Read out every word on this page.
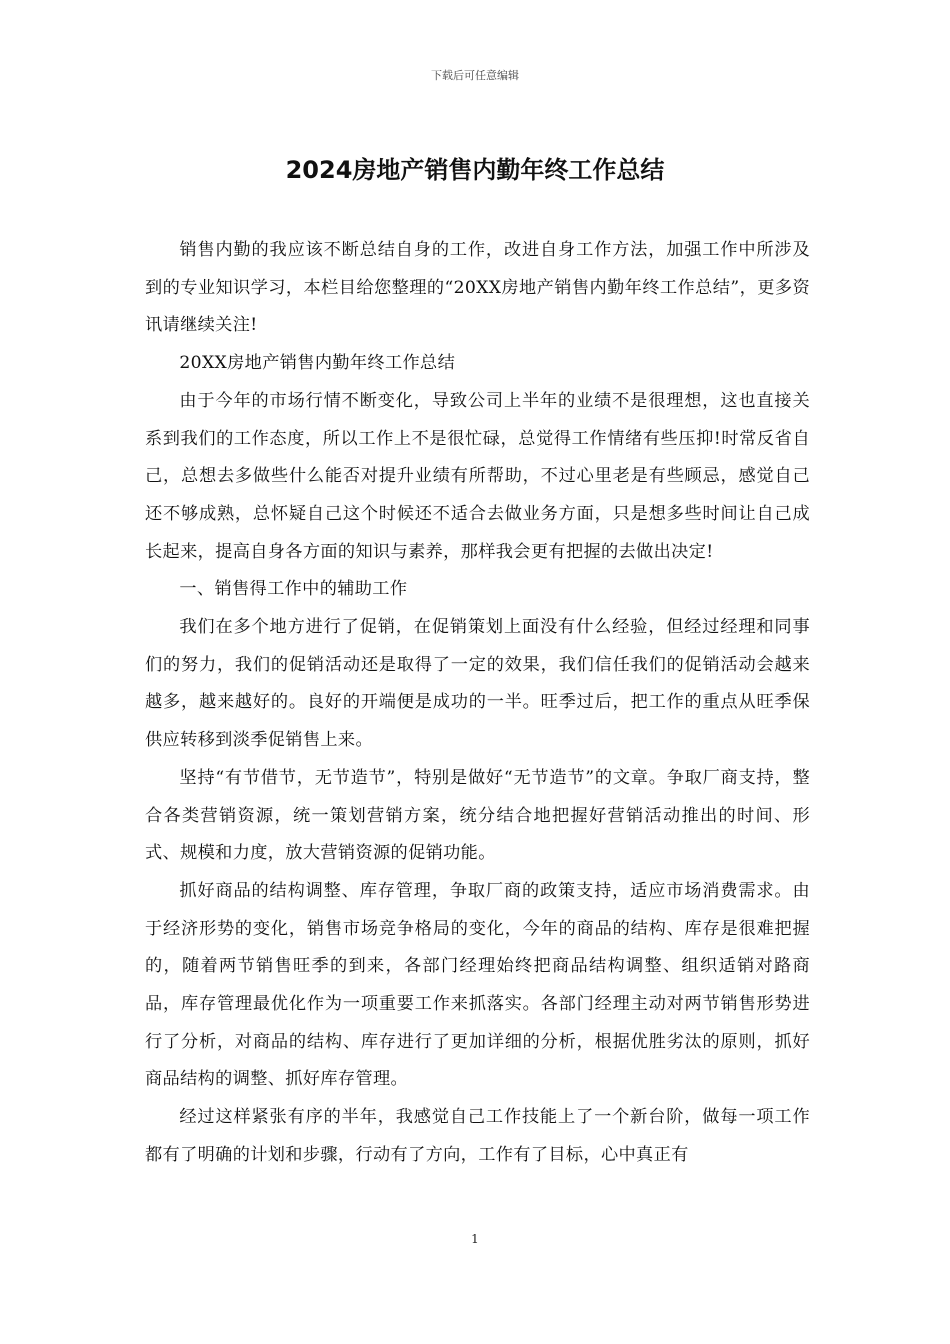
下载后可任意编辑
2024房地产销售内勤年终工作总结

销售内勤的我应该不断总结自身的工作，改进自身工作方法，加强工作中所涉及到的专业知识学习，本栏目给您整理的“20XX房地产销售内勤年终工作总结”，更多资讯请继续关注!

20XX房地产销售内勤年终工作总结

由于今年的市场行情不断变化，导致公司上半年的业绩不是很理想，这也直接关系到我们的工作态度，所以工作上不是很忙碌，总觉得工作情绪有些压抑!时常反省自己，总想去多做些什么能否对提升业绩有所帮助，不过心里老是有些顾忌，感觉自己还不够成熟，总怀疑自己这个时候还不适合去做业务方面，只是想多些时间让自己成长起来，提高自身各方面的知识与素养，那样我会更有把握的去做出决定!

一、销售得工作中的辅助工作

我们在多个地方进行了促销，在促销策划上面没有什么经验，但经过经理和同事们的努力，我们的促销活动还是取得了一定的效果，我们信任我们的促销活动会越来越多，越来越好的。良好的开端便是成功的一半。旺季过后，把工作的重点从旺季保供应转移到淡季促销售上来。

坚持“有节借节，无节造节”，特别是做好“无节造节”的文章。争取厂商支持，整合各类营销资源，统一策划营销方案，统分结合地把握好营销活动推出的时间、形式、规模和力度，放大营销资源的促销功能。

抓好商品的结构调整、库存管理，争取厂商的政策支持，适应市场消费需求。由于经济形势的变化，销售市场竞争格局的变化，今年的商品的结构、库存是很难把握的，随着两节销售旺季的到来，各部门经理始终把商品结构调整、组织适销对路商品，库存管理最优化作为一项重要工作来抓落实。各部门经理主动对两节销售形势进行了分析，对商品的结构、库存进行了更加详细的分析，根据优胜劣汰的原则，抓好商品结构的调整、抓好库存管理。

经过这样紧张有序的半年，我感觉自己工作技能上了一个新台阶，做每一项工作都有了明确的计划和步骤，行动有了方向，工作有了目标，心中真正有

1
